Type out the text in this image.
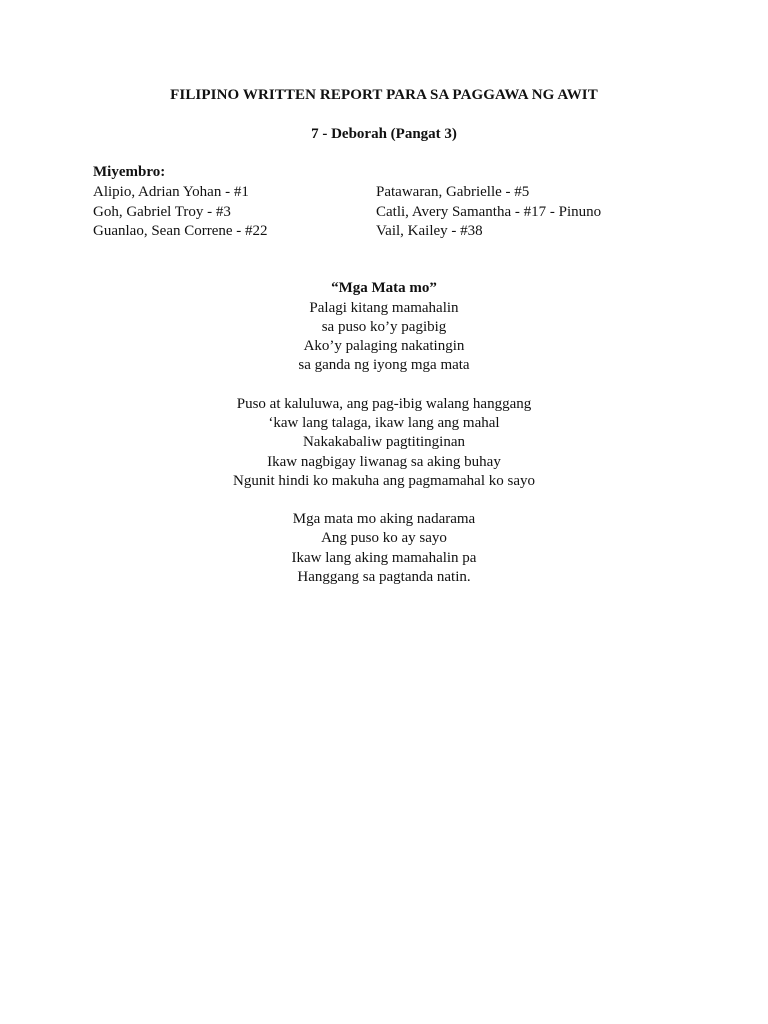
FILIPINO WRITTEN REPORT PARA SA PAGGAWA NG AWIT
7 - Deborah (Pangat 3)
Miyembro:
Alipio, Adrian Yohan - #1	Patawaran, Gabrielle - #5
Goh, Gabriel Troy - #3	Catli, Avery Samantha - #17 - Pinuno
Guanlao, Sean Correne - #22	Vail, Kailey - #38
“Mga Mata mo”
Palagi kitang mamahalin
sa puso ko’y pagibig
Ako’y palaging nakatingin
sa ganda ng iyong mga mata
Puso at kaluluwa, ang pag-ibig walang hanggang
‘kaw lang talaga, ikaw lang ang mahal
Nakakabaliw pagtitinginan
Ikaw nagbigay liwanag sa aking buhay
Ngunit hindi ko makuha ang pagmamahal ko sayo
Mga mata mo aking nadarama
Ang puso ko ay sayo
Ikaw lang aking mamahalin pa
Hanggang sa pagtanda natin.
